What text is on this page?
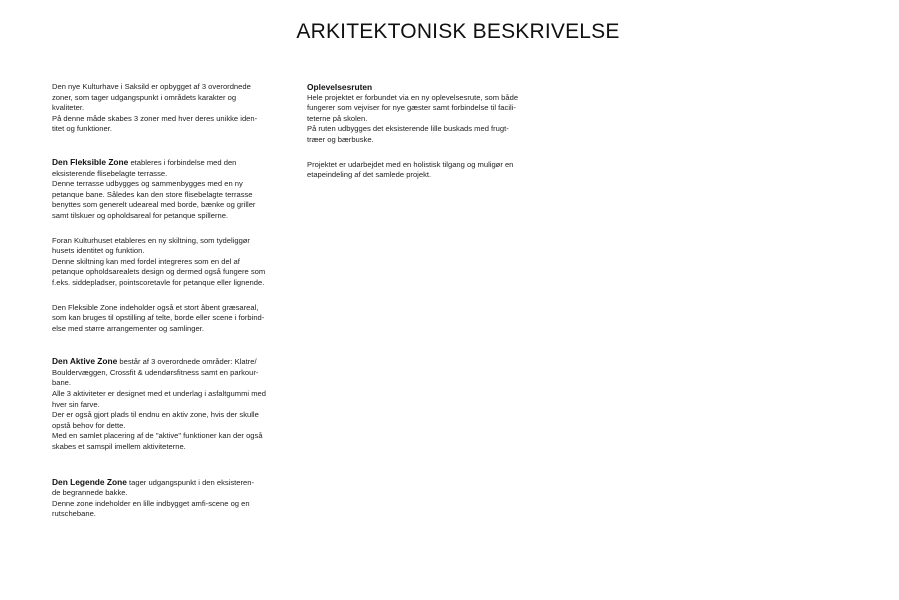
ARKITEKTONISK BESKRIVELSE
Den nye Kulturhave i Saksild er opbygget af 3 overordnede
zoner, som tager udgangspunkt i områdets karakter og
kvaliteter.
På denne måde skabes 3 zoner med hver deres unikke iden-
titet og funktioner.
Den Fleksible Zone etableres i forbindelse med den
eksisterende flisebelagte terrasse.
Denne terrasse udbygges og sammenbygges med en ny
petanque bane. Således kan den store flisebelagte terrasse
benyttes som generelt udeareal med borde, bænke og griller
samt tilskuer og opholdsareal for petanque spillerne.
Foran Kulturhuset etableres en ny skiltning, som tydeliggør
husets identitet og funktion.
Denne skiltning kan med fordel integreres som en del af
petanque opholdsarealets design og dermed også fungere som
f.eks. siddepladser, pointscoretavle for petanque eller lignende.
Den Fleksible Zone indeholder også et stort åbent græsareal,
som kan bruges til opstilling af telte, borde eller scene i forbind-
else med større arrangementer og samlinger.
Den Aktive Zone består af 3 overordnede områder: Klatre/
Bouldervæggen, Crossfit & udendørsfitness samt en parkour-
bane.
Alle 3 aktiviteter er designet med et underlag i asfaltgummi med
hver sin farve.
Der er også gjort plads til endnu en aktiv zone, hvis der skulle
opstå behov for dette.
Med en samlet placering af de "aktive" funktioner kan der også
skabes et samspil imellem aktiviteterne.
Den Legende Zone tager udgangspunkt i den eksisteren-
de begrannede bakke.
Denne zone indeholder en lille indbygget amfi-scene og en
rutschebane.
Oplevelsesruten
Hele projektet er forbundet via en ny oplevelsesrute, som både
fungerer som vejviser for nye gæster samt forbindelse til facili-
teterne på skolen.
På ruten udbygges det eksisterende lille buskads med frugt-
træer og bærbuske.
Projektet er udarbejdet med en holistisk tilgang og muligør en
etapeindeling af det samlede projekt.
